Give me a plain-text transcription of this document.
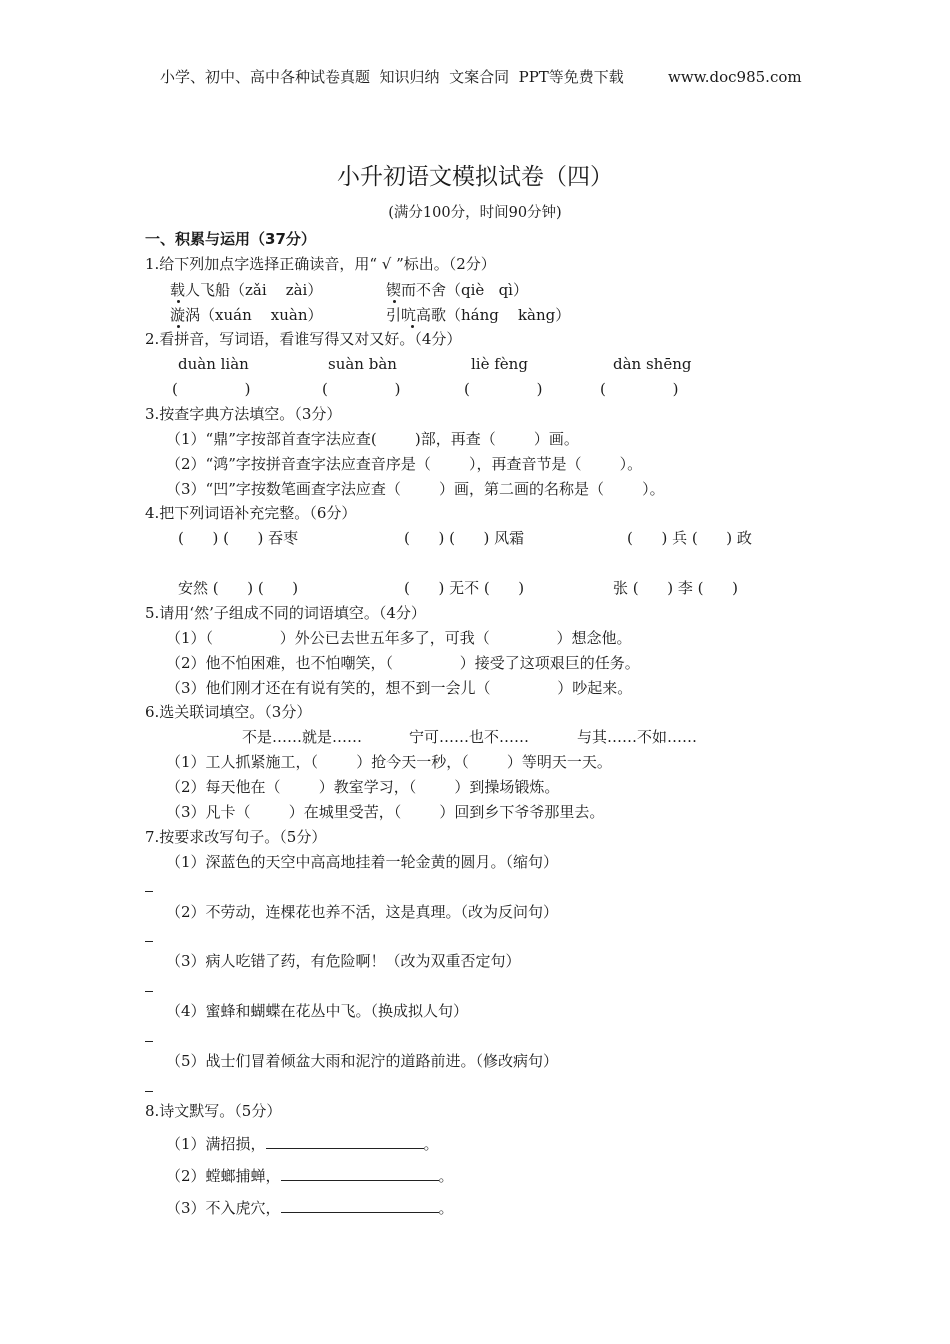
小学、初中、高中各种试卷真题  知识归纳  文案合同  PPT等免费下载	www.doc985.com
小升初语文模拟试卷（四）
(满分100分，时间90分钟)
一、积累与运用（37分）
1.给下列加点字选择正确读音，用“ √ ”标出。（2分）
载人飞船（zǎi    zài）	锲而不舍（qiè   qì）
漩涡（xuán    xuàn）	引吭高歌（háng    kàng）
2.看拼音，写词语，看谁写得又对又好。（4分）
duàn liàn	suàn bàn	liè fèng	dàn shēng
(              )	(              )	(              )	(              )
3.按查字典方法填空。（3分）
（1）“鼎”字按部首查字法应查(        )部，再查（        ）画。
（2）“鸿”字按拼音查字法应查音序是（        ），再查音节是（        ）。
（3）“凹”字按数笔画查字法应查（        ）画，第二画的名称是（        ）。
4.把下列词语补充完整。（6分）
(      ) (      ) 吞枣	(      ) (      ) 风霜	(      ) 兵 (      ) 政
安然 (      ) (      )	(      ) 无不 (      )	张 (      ) 李 (      )
5.请用‘然’子组成不同的词语填空。（4分）
（1）（              ）外公已去世五年多了，可我（              ）想念他。
（2）他不怕困难，也不怕嘲笑，（              ）接受了这项艰巨的任务。
（3）他们刚才还在有说有笑的，想不到一会儿（              ）吵起来。
6.选关联词填空。（3分）
不是……就是……	宁可……也不……	与其……不如……
（1）工人抓紧施工，（        ）抢今天一秒，（        ）等明天一天。
（2）每天他在（        ）教室学习，（        ）到操场锻炼。
（3）凡卡（        ）在城里受苦，（        ）回到乡下爷爷那里去。
7.按要求改写句子。（5分）
（1）深蓝色的天空中高高地挂着一轮金黄的圆月。（缩句）
（2）不劳动，连棵花也养不活，这是真理。（改为反问句）
（3）病人吃错了药，有危险啊！（改为双重否定句）
（4）蜜蜂和蝴蝶在花丛中飞。（换成拟人句）
（5）战士们冒着倾盆大雨和泥泞的道路前进。（修改病句）
8.诗文默写。（5分）
（1）满招损，	。
（2）螳螂捕蝉，	。
（3）不入虎穴，	。
